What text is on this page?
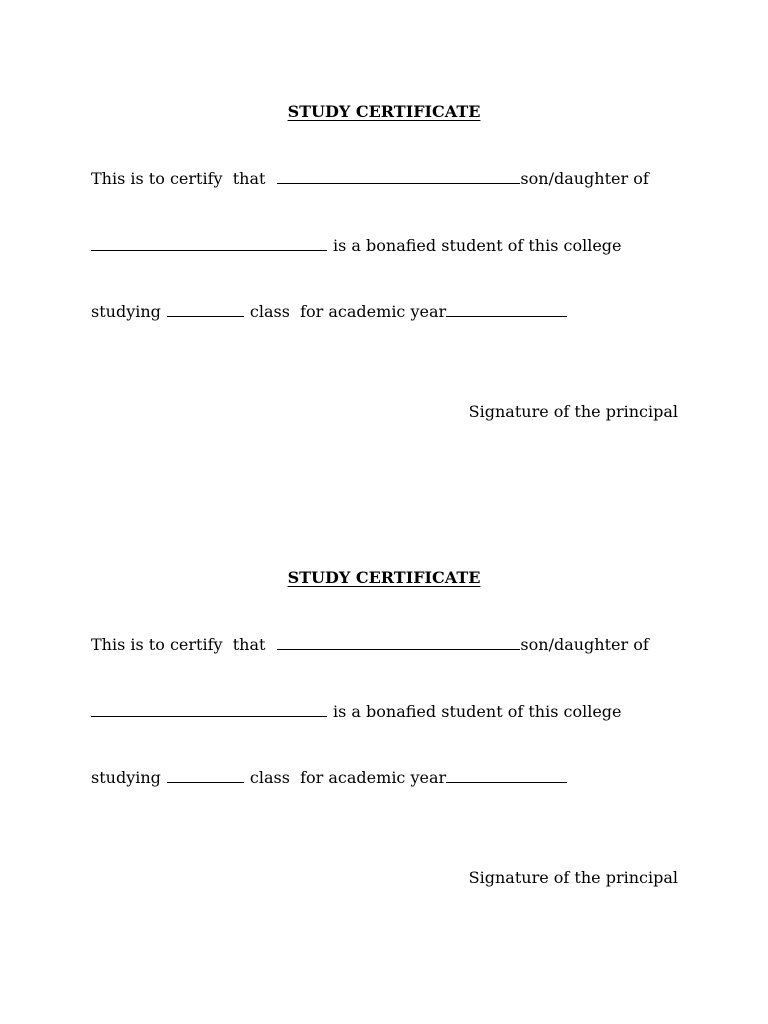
STUDY CERTIFICATE
This is to certify  that	son/daughter of
is a bonafied student of this college
studying	class  for academic year
Signature of the principal
STUDY CERTIFICATE
This is to certify  that	son/daughter of
is a bonafied student of this college
studying	class  for academic year
Signature of the principal
